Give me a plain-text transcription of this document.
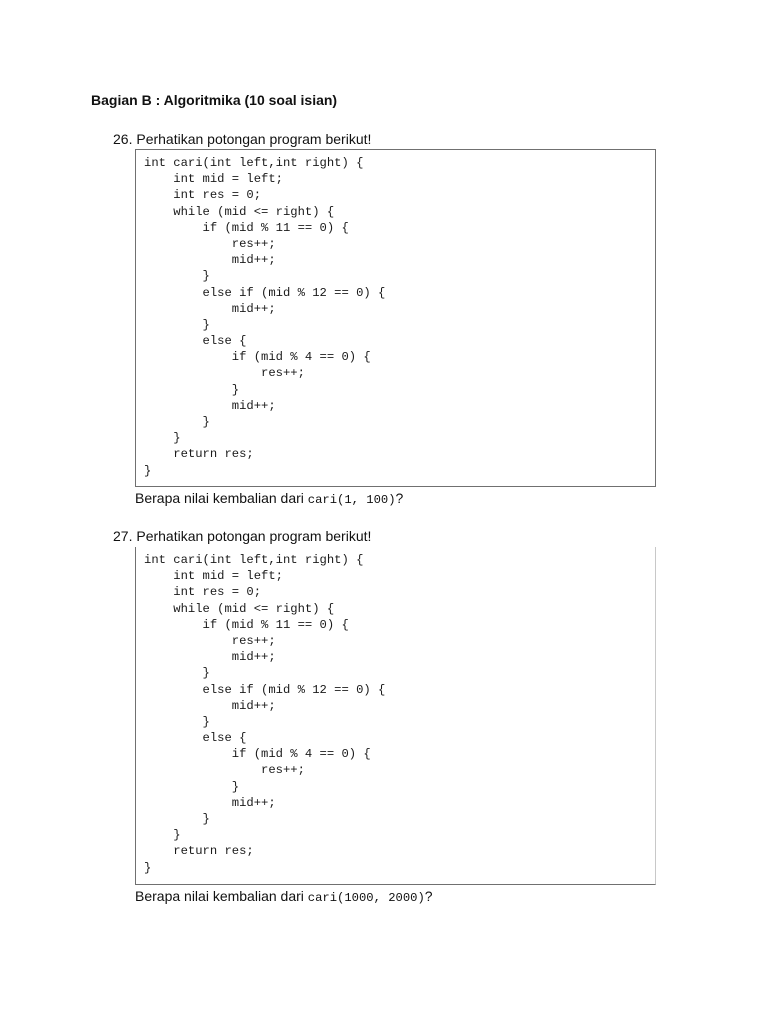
Bagian B : Algoritmika (10 soal isian)
26. Perhatikan potongan program berikut!
int cari(int left,int right) {
int mid = left;
int res = 0;
while (mid <= right) {
if (mid % 11 == 0) {
res++;
mid++;
}
else if (mid % 12 == 0) {
mid++;
}
else {
if (mid % 4 == 0) {
res++;
}
mid++;
}
}
return res;
}
Berapa nilai kembalian dari cari(1, 100)?
27. Perhatikan potongan program berikut!
int cari(int left,int right) {
int mid = left;
int res = 0;
while (mid <= right) {
if (mid % 11 == 0) {
res++;
mid++;
}
else if (mid % 12 == 0) {
mid++;
}
else {
if (mid % 4 == 0) {
res++;
}
mid++;
}
}
return res;
}
Berapa nilai kembalian dari cari(1000, 2000)?
